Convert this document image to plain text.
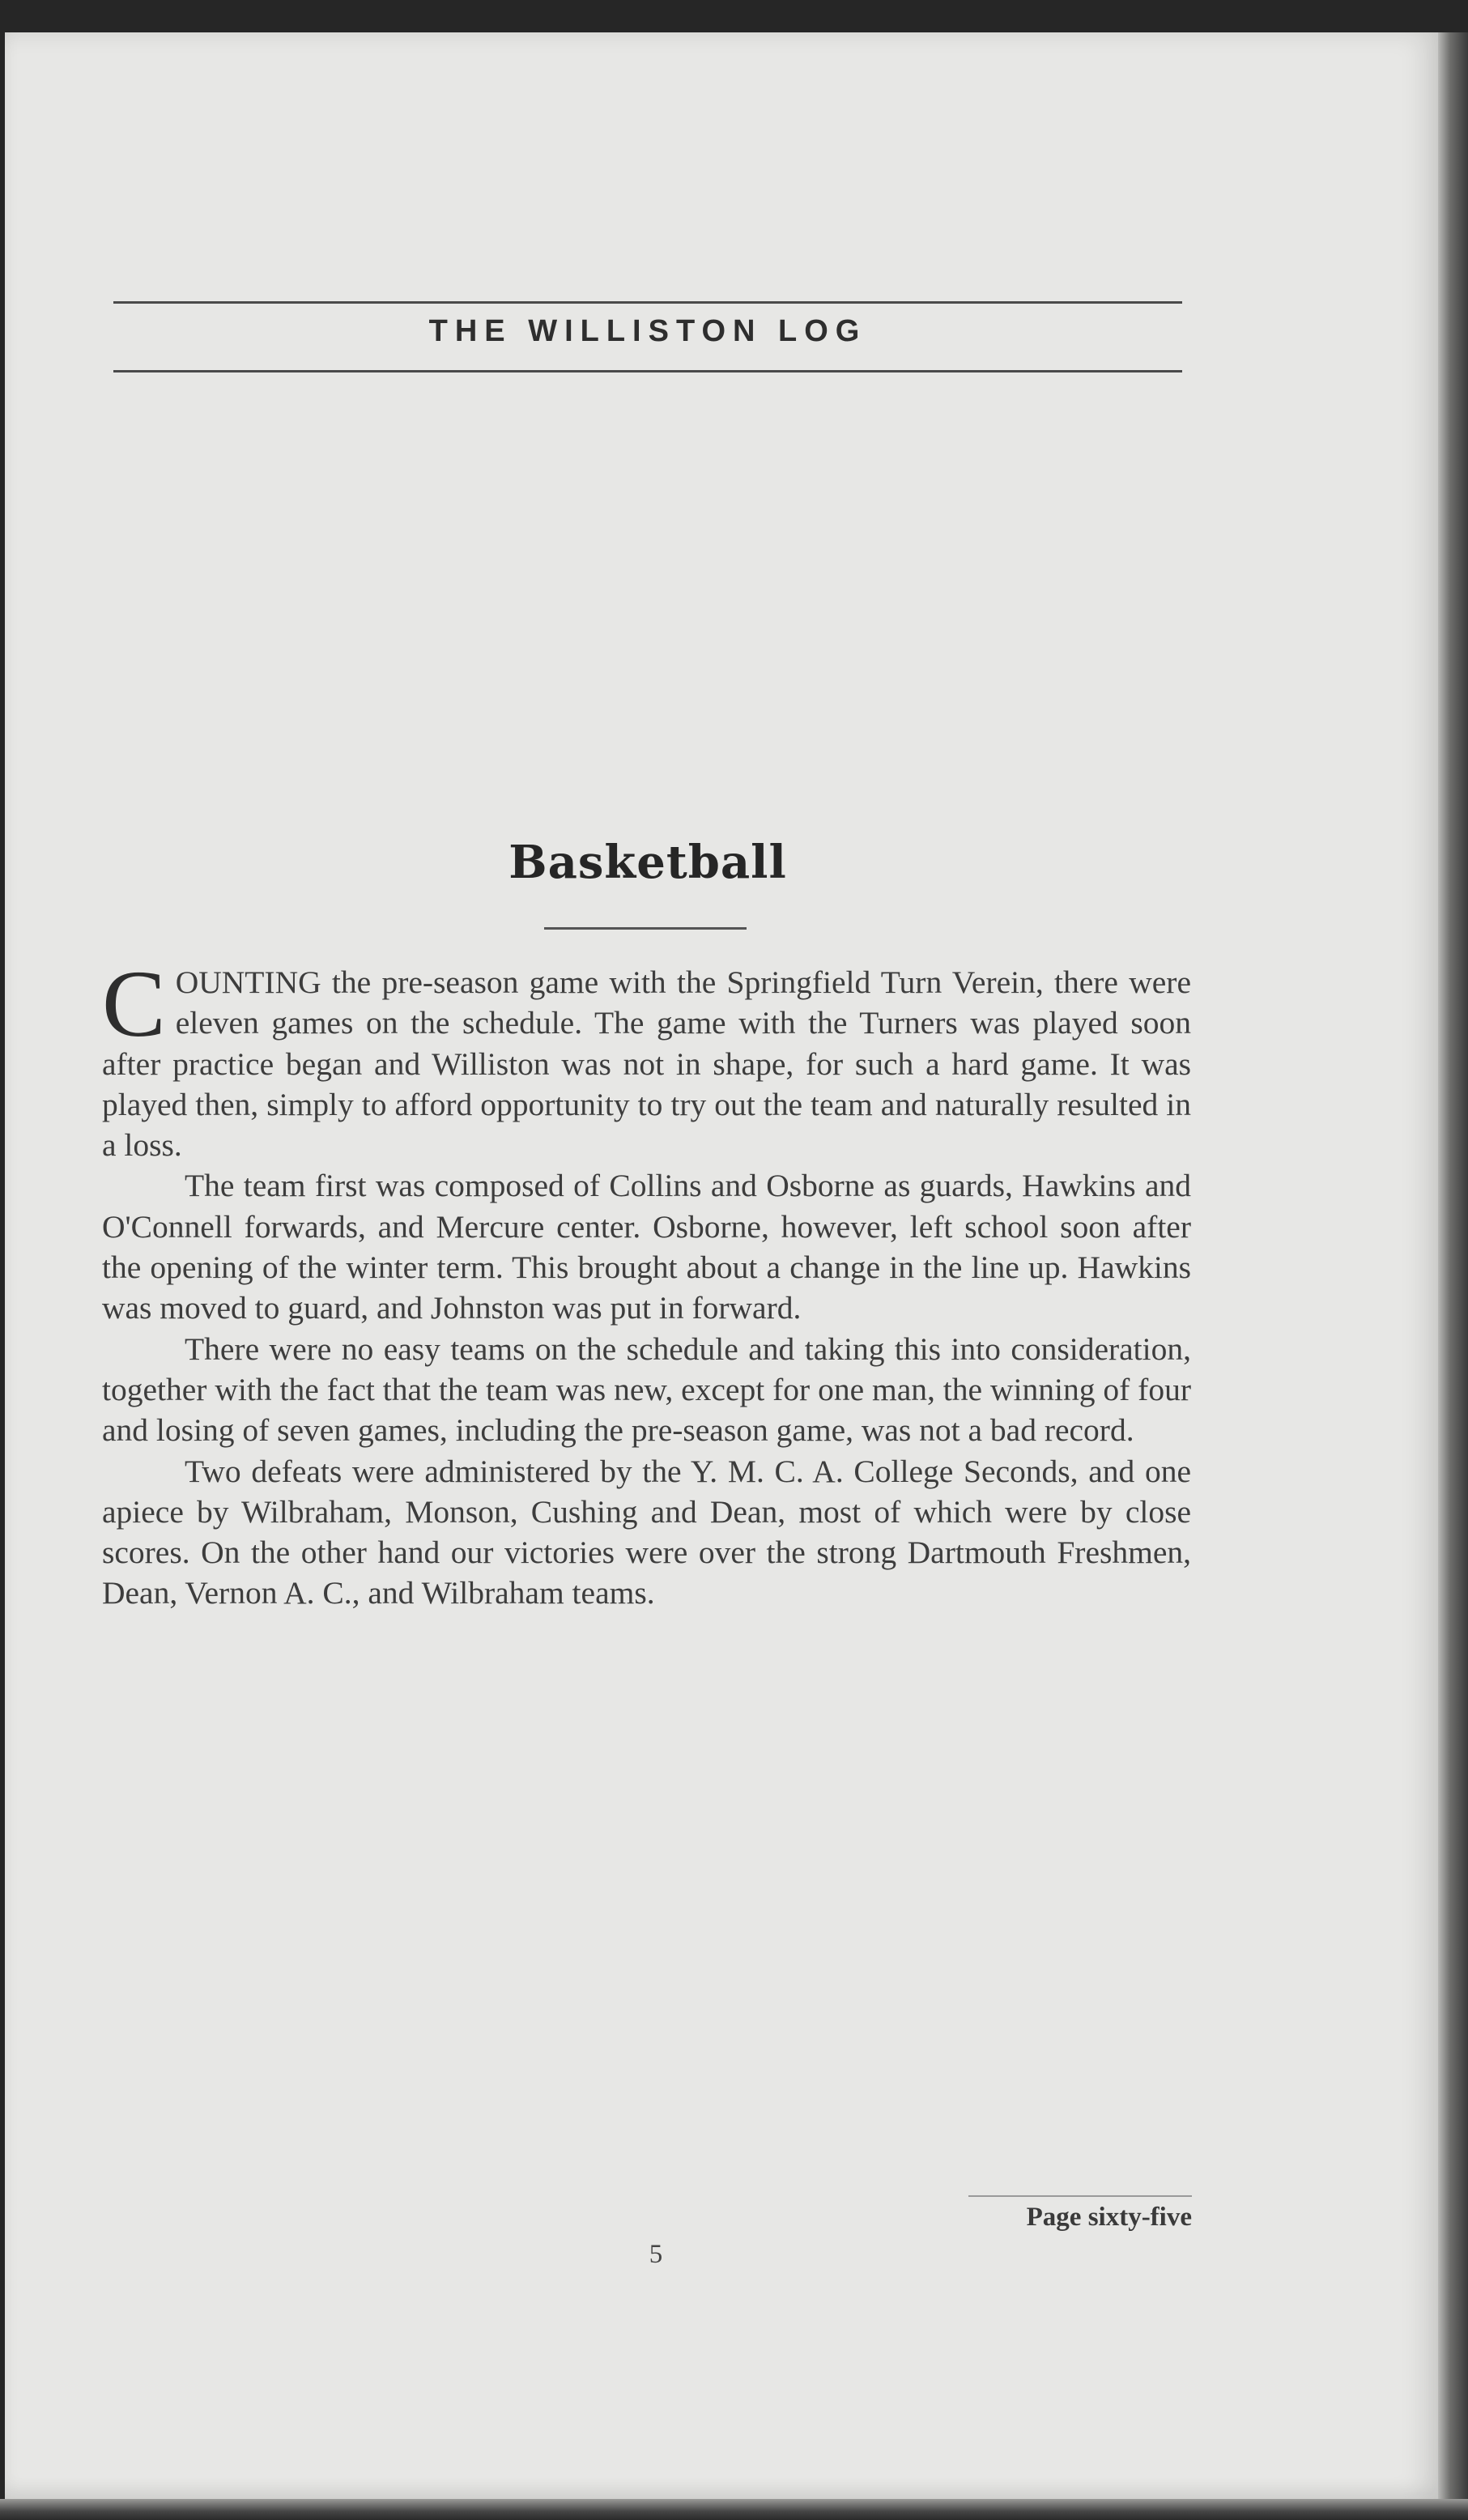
THE WILLISTON LOG
Basketball

COUNTING the pre-season game with the Springfield Turn Verein, there were eleven games on the schedule. The game with the Turners was played soon after practice began and Williston was not in shape, for such a hard game. It was played then, simply to afford opportunity to try out the team and naturally resulted in a loss.

The team first was composed of Collins and Osborne as guards, Hawkins and O'Connell forwards, and Mercure center. Osborne, however, left school soon after the opening of the winter term. This brought about a change in the line up. Hawkins was moved to guard, and Johnston was put in forward.

There were no easy teams on the schedule and taking this into consideration, together with the fact that the team was new, except for one man, the winning of four and losing of seven games, including the pre-season game, was not a bad record.

Two defeats were administered by the Y. M. C. A. College Seconds, and one apiece by Wilbraham, Monson, Cushing and Dean, most of which were by close scores. On the other hand our victories were over the strong Dartmouth Freshmen, Dean, Vernon A. C., and Wilbraham teams.

Page sixty-five
5
